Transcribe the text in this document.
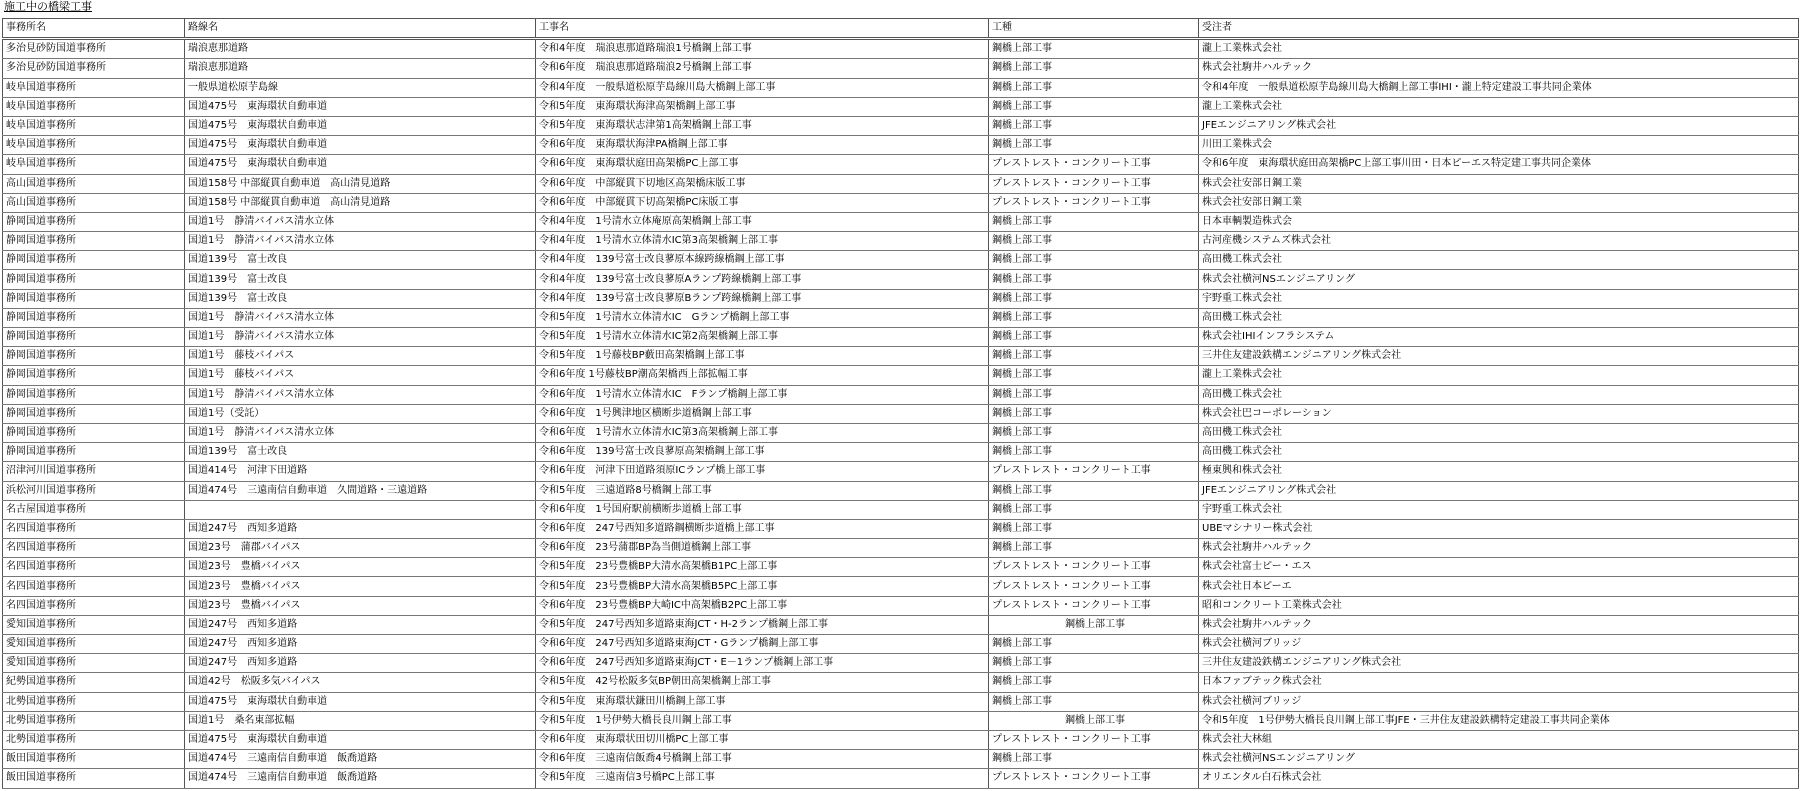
施工中の橋梁工事
事務所名	路線名	工事名	工種	受注者
多治見砂防国道事務所	瑞浪恵那道路	令和4年度　瑞浪恵那道路瑞浪1号橋鋼上部工事	鋼橋上部工事	瀧上工業株式会社
多治見砂防国道事務所	瑞浪恵那道路	令和6年度　瑞浪恵那道路瑞浪2号橋鋼上部工事	鋼橋上部工事	株式会社駒井ハルテック
岐阜国道事務所	一般県道松原芋島線	令和4年度　一般県道松原芋島線川島大橋鋼上部工事	鋼橋上部工事	令和4年度　一般県道松原芋島線川島大橋鋼上部工事IHI・瀧上特定建設工事共同企業体
岐阜国道事務所	国道475号　東海環状自動車道	令和5年度　東海環状海津高架橋鋼上部工事	鋼橋上部工事	瀧上工業株式会社
岐阜国道事務所	国道475号　東海環状自動車道	令和5年度　東海環状志津第1高架橋鋼上部工事	鋼橋上部工事	JFEエンジニアリング株式会社
岐阜国道事務所	国道475号　東海環状自動車道	令和6年度　東海環状海津PA橋鋼上部工事	鋼橋上部工事	川田工業株式会
岐阜国道事務所	国道475号　東海環状自動車道	令和6年度　東海環状庭田高架橋PC上部工事	プレストレスト・コンクリート工事	令和6年度　東海環状庭田高架橋PC上部工事川田・日本ピーエス特定建工事共同企業体
高山国道事務所	国道158号 中部縦貫自動車道　高山清見道路	令和6年度　中部縦貫下切地区高架橋床版工事	プレストレスト・コンクリート工事	株式会社安部日鋼工業
高山国道事務所	国道158号 中部縦貫自動車道　高山清見道路	令和6年度　中部縦貫下切高架橋PC床版工事	プレストレスト・コンクリート工事	株式会社安部日鋼工業
静岡国道事務所	国道1号　静清バイパス清水立体	令和4年度　1号清水立体庵原高架橋鋼上部工事	鋼橋上部工事	日本車輌製造株式会
静岡国道事務所	国道1号　静清バイパス清水立体	令和4年度　1号清水立体清水IC第3高架橋鋼上部工事	鋼橋上部工事	古河産機システムズ株式会社
静岡国道事務所	国道139号　富士改良	令和4年度　139号富士改良蓼原本線跨線橋鋼上部工事	鋼橋上部工事	高田機工株式会社
静岡国道事務所	国道139号　富士改良	令和4年度　139号富士改良蓼原Aランプ跨線橋鋼上部工事	鋼橋上部工事	株式会社横河NSエンジニアリング
静岡国道事務所	国道139号　富士改良	令和4年度　139号富士改良蓼原Bランプ跨線橋鋼上部工事	鋼橋上部工事	宇野重工株式会社
静岡国道事務所	国道1号　静清バイパス清水立体	令和5年度　1号清水立体清水IC　Gランプ橋鋼上部工事	鋼橋上部工事	高田機工株式会社
静岡国道事務所	国道1号　静清バイパス清水立体	令和5年度　1号清水立体清水IC第2高架橋鋼上部工事	鋼橋上部工事	株式会社IHIインフラシステム
静岡国道事務所	国道1号　藤枝バイパス	令和5年度　1号藤枝BP藪田高架橋鋼上部工事	鋼橋上部工事	三井住友建設鉄構エンジニアリング株式会社
静岡国道事務所	国道1号　藤枝バイパス	令和6年度 1号藤枝BP潮高架橋西上部拡幅工事	鋼橋上部工事	瀧上工業株式会社
静岡国道事務所	国道1号　静清バイパス清水立体	令和6年度　1号清水立体清水IC　Fランプ橋鋼上部工事	鋼橋上部工事	高田機工株式会社
静岡国道事務所	国道1号（受託）	令和6年度　1号興津地区横断歩道橋鋼上部工事	鋼橋上部工事	株式会社巴コーポレーション
静岡国道事務所	国道1号　静清バイパス清水立体	令和6年度　1号清水立体清水IC第3高架橋鋼上部工事	鋼橋上部工事	高田機工株式会社
静岡国道事務所	国道139号　富士改良	令和6年度　139号富士改良蓼原高架橋鋼上部工事	鋼橋上部工事	高田機工株式会社
沼津河川国道事務所	国道414号　河津下田道路	令和6年度　河津下田道路須原ICランプ橋上部工事	プレストレスト・コンクリート工事	極東興和株式会社
浜松河川国道事務所	国道474号　三遠南信自動車道　久間道路・三遠道路	令和5年度　三遠道路8号橋鋼上部工事	鋼橋上部工事	JFEエンジニアリング株式会社
名古屋国道事務所		令和6年度　1号国府駅前横断歩道橋上部工事	鋼橋上部工事	宇野重工株式会社
名四国道事務所	国道247号　西知多道路	令和6年度　247号西知多道路鋼横断歩道橋上部工事	鋼橋上部工事	UBEマシナリー株式会社
名四国道事務所	国道23号　蒲郡バイパス	令和6年度　23号蒲郡BP為当側道橋鋼上部工事	鋼橋上部工事	株式会社駒井ハルテック
名四国道事務所	国道23号　豊橋バイパス	令和5年度　23号豊橋BP大清水高架橋B1PC上部工事	プレストレスト・コンクリート工事	株式会社富士ピー・エス
名四国道事務所	国道23号　豊橋バイパス	令和5年度　23号豊橋BP大清水高架橋B5PC上部工事	プレストレスト・コンクリート工事	株式会社日本ピーエ
名四国道事務所	国道23号　豊橋バイパス	令和6年度　23号豊橋BP大崎IC中高架橋B2PC上部工事	プレストレスト・コンクリート工事	昭和コンクリート工業株式会社
愛知国道事務所	国道247号　西知多道路	令和5年度　247号西知多道路東海JCT・H-2ランプ橋鋼上部工事	鋼橋上部工事	株式会社駒井ハルテック
愛知国道事務所	国道247号　西知多道路	令和6年度　247号西知多道路東海JCT・Gランプ橋鋼上部工事	鋼橋上部工事	株式会社横河ブリッジ
愛知国道事務所	国道247号　西知多道路	令和6年度　247号西知多道路東海JCT・E－1ランプ橋鋼上部工事	鋼橋上部工事	三井住友建設鉄構エンジニアリング株式会社
紀勢国道事務所	国道42号　松阪多気バイパス	令和5年度　42号松阪多気BP朝田高架橋鋼上部工事	鋼橋上部工事	日本ファブテック株式会社
北勢国道事務所	国道475号　東海環状自動車道	令和5年度　東海環状鎌田川橋鋼上部工事	鋼橋上部工事	株式会社横河ブリッジ
北勢国道事務所	国道1号　桑名東部拡幅	令和5年度　1号伊勢大橋長良川鋼上部工事	鋼橋上部工事	令和5年度　1号伊勢大橋長良川鋼上部工事JFE・三井住友建設鉄構特定建設工事共同企業体
北勢国道事務所	国道475号　東海環状自動車道	令和6年度　東海環状田切川橋PC上部工事	プレストレスト・コンクリート工事	株式会社大林組
飯田国道事務所	国道474号　三遠南信自動車道　飯喬道路	令和6年度　三遠南信飯喬4号橋鋼上部工事	鋼橋上部工事	株式会社横河NSエンジニアリング
飯田国道事務所	国道474号　三遠南信自動車道　飯喬道路	令和5年度　三遠南信3号橋PC上部工事	プレストレスト・コンクリート工事	オリエンタル白石株式会社
